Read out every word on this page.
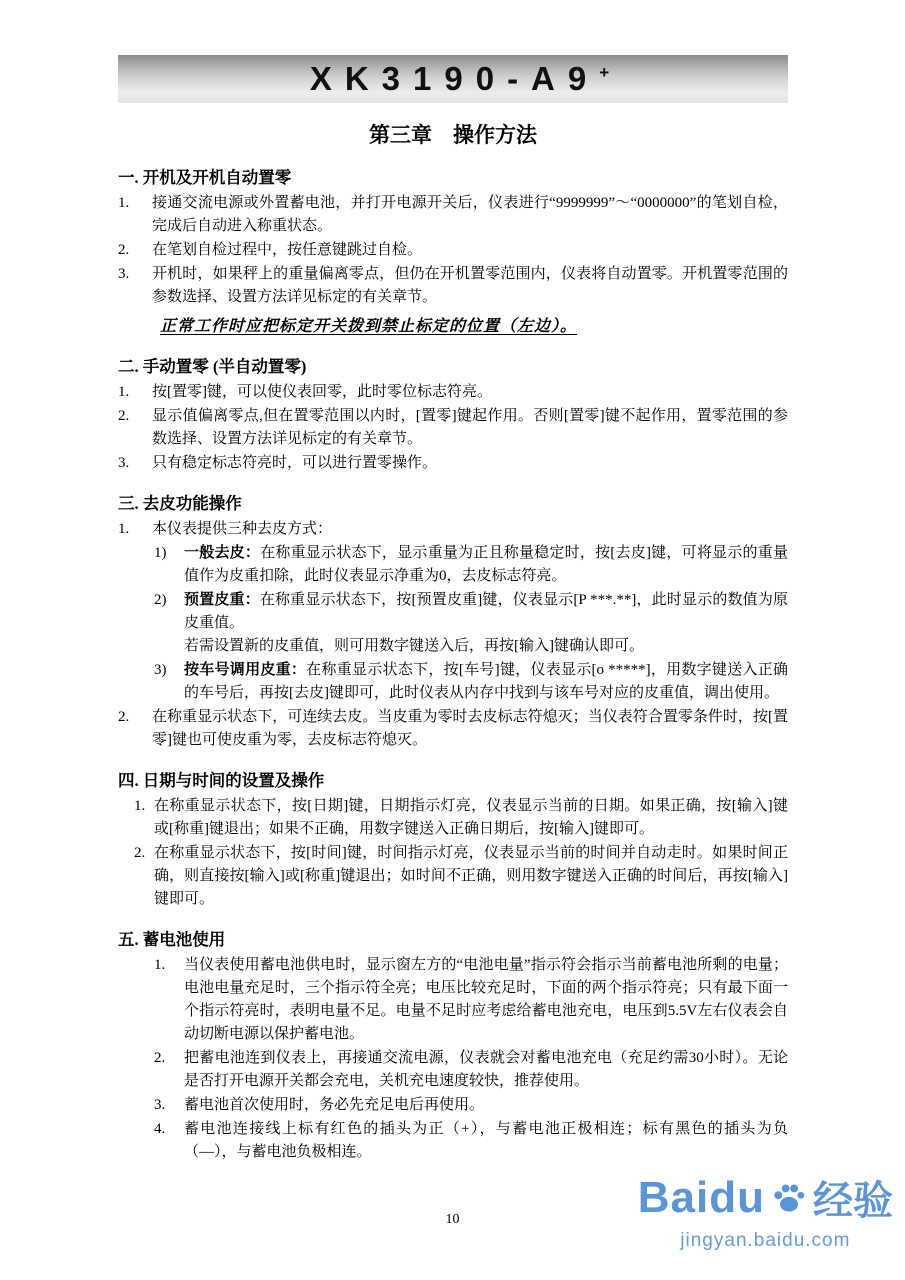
XK3190-A9+
第三章　操作方法
一. 开机及开机自动置零
1.	接通交流电源或外置蓄电池，并打开电源开关后，仪表进行“9999999”～“0000000”的笔划自检，完成后自动进入称重状态。
2.	在笔划自检过程中，按任意键跳过自检。
3.	开机时，如果秤上的重量偏离零点，但仍在开机置零范围内，仪表将自动置零。开机置零范围的参数选择、设置方法详见标定的有关章节。
正常工作时应把标定开关拨到禁止标定的位置（左边）。
二. 手动置零 (半自动置零)
1.	按[置零]键，可以使仪表回零，此时零位标志符亮。
2.	显示值偏离零点,但在置零范围以内时，[置零]键起作用。否则[置零]键不起作用，置零范围的参数选择、设置方法详见标定的有关章节。
3.	只有稳定标志符亮时，可以进行置零操作。
三. 去皮功能操作
1.	本仪表提供三种去皮方式：
1)	一般去皮：在称重显示状态下，显示重量为正且称量稳定时，按[去皮]键，可将显示的重量值作为皮重扣除，此时仪表显示净重为0，去皮标志符亮。
2)	预置皮重：在称重显示状态下，按[预置皮重]键，仪表显示[P ***.**]，此时显示的数值为原皮重值。
若需设置新的皮重值，则可用数字键送入后，再按[输入]键确认即可。
3)	按车号调用皮重：在称重显示状态下，按[车号]键，仪表显示[o *****]，用数字键送入正确的车号后，再按[去皮]键即可，此时仪表从内存中找到与该车号对应的皮重值，调出使用。
2.	在称重显示状态下，可连续去皮。当皮重为零时去皮标志符熄灭；当仪表符合置零条件时，按[置零]键也可使皮重为零，去皮标志符熄灭。
四. 日期与时间的设置及操作
1. 在称重显示状态下，按[日期]键，日期指示灯亮，仪表显示当前的日期。如果正确，按[输入]键或[称重]键退出；如果不正确，用数字键送入正确日期后，按[输入]键即可。
2. 在称重显示状态下，按[时间]键，时间指示灯亮，仪表显示当前的时间并自动走时。如果时间正确，则直接按[输入]或[称重]键退出；如时间不正确，则用数字键送入正确的时间后，再按[输入]键即可。
五. 蓄电池使用
1.	当仪表使用蓄电池供电时，显示窗左方的“电池电量”指示符会指示当前蓄电池所剩的电量；电池电量充足时，三个指示符全亮；电压比较充足时，下面的两个指示符亮；只有最下面一个指示符亮时，表明电量不足。电量不足时应考虑给蓄电池充电，电压到5.5V左右仪表会自动切断电源以保护蓄电池。
2.	把蓄电池连到仪表上，再接通交流电源，仪表就会对蓄电池充电（充足约需30小时）。无论是否打开电源开关都会充电，关机充电速度较快，推荐使用。
3.	蓄电池首次使用时，务必先充足电后再使用。
4.	蓄电池连接线上标有红色的插头为正（+），与蓄电池正极相连；标有黑色的插头为负（—），与蓄电池负极相连。
10	Baidu 经验
jingyan.baidu.com
